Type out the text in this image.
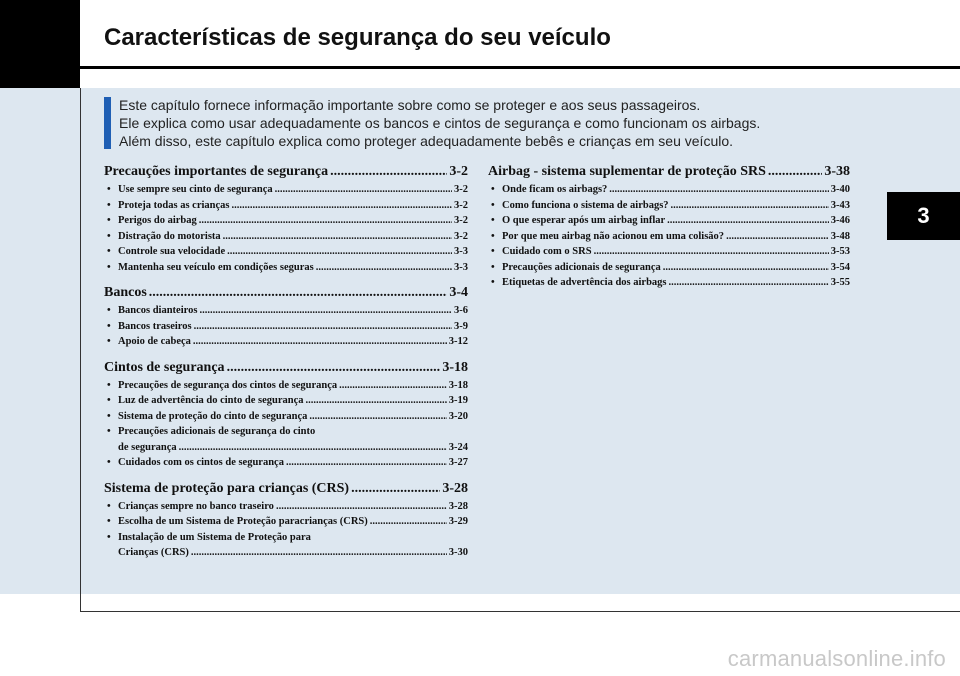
Características de segurança do seu veículo

Este capítulo fornece informação importante sobre como se proteger e aos seus passageiros.

Ele explica como usar adequadamente os bancos e cintos de segurança e como funcionam os airbags.

Além disso, este capítulo explica como proteger adequadamente bebês e crianças em seu veículo.

Precauções importantes de segurança .....	3-2
• Use sempre seu cinto de segurança .....	3-2
• Proteja todas as crianças .....	3-2
• Perigos do airbag .....	3-2
• Distração do motorista .....	3-2
• Controle sua velocidade .....	3-3
• Mantenha seu veículo em condições seguras .....	3-3
Bancos .....	3-4
• Bancos dianteiros .....	3-6
• Bancos traseiros .....	3-9
• Apoio de cabeça .....	3-12
Cintos de segurança .....	3-18
• Precauções de segurança dos cintos de segurança .....	3-18
• Luz de advertência do cinto de segurança .....	3-19
• Sistema de proteção do cinto de segurança .....	3-20
• Precauções adicionais de segurança do cinto
de segurança .....	3-24
• Cuidados com os cintos de segurança .....	3-27
Sistema de proteção para crianças (CRS) .....	3-28
• Crianças sempre no banco traseiro .....	3-28
• Escolha de um Sistema de Proteção paracrianças (CRS) .....	3-29
• Instalação de um Sistema de Proteção para
Crianças (CRS) .....	3-30
Airbag - sistema suplementar de proteção SRS .....	3-38
• Onde ficam os airbags? .....	3-40
• Como funciona o sistema de airbags? .....	3-43
• O que esperar após um airbag inflar .....	3-46
• Por que meu airbag não acionou em uma colisão? .....	3-48
• Cuidado com o SRS .....	3-53
• Precauções adicionais de segurança .....	3-54
• Etiquetas de advertência dos airbags .....	3-55
3
carmanualsonline.info
